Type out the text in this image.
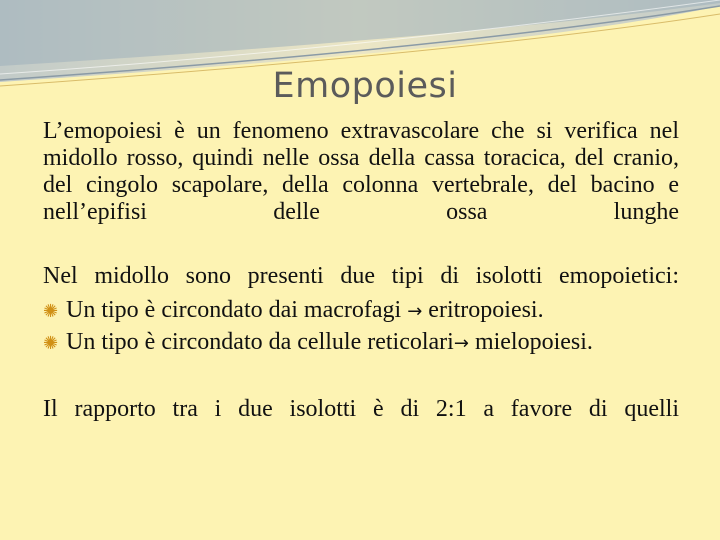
Emopoiesi

L’emopoiesi è un fenomeno extravascolare che si verifica nel midollo rosso, quindi nelle ossa della cassa toracica, del cranio, del cingolo scapolare, della colonna vertebrale, del bacino e nell’epifisi delle ossa lunghe

Nel midollo sono presenti due tipi di isolotti emopoietici:

✺ Un tipo è circondato dai macrofagi → eritropoiesi.
✺ Un tipo è circondato da cellule reticolari→ mielopoiesi.

Il rapporto tra i due isolotti è di 2:1 a favore di quelli
